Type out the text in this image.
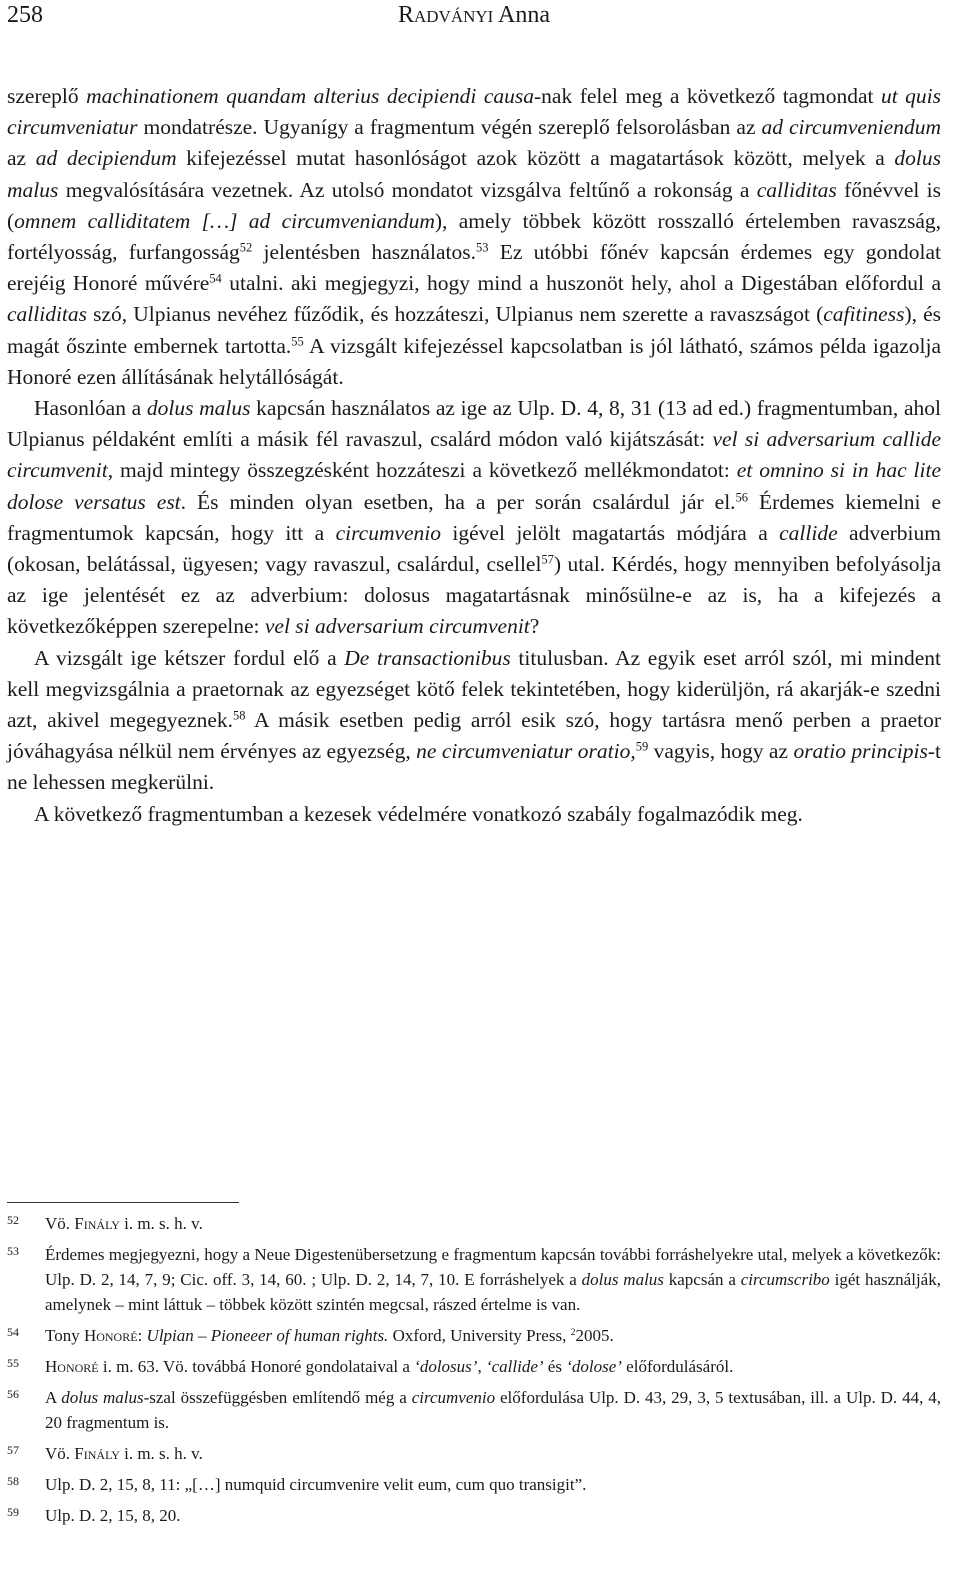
258	Radványi Anna

szereplő machinationem quandam alterius decipiendi causa-nak felel meg a következő tagmondat ut quis circumveniatur mondatrésze. Ugyanígy a fragmentum végén szereplő felsorolásban az ad circumveniendum az ad decipiendum kifejezéssel mutat hasonlóságot azok között a magatartások között, melyek a dolus malus megvalósítására vezetnek. Az utolsó mondatot vizsgálva feltűnő a rokonság a calliditas főnévvel is (omnem calliditatem […] ad circumveniandum), amely többek között rosszalló értelemben ravaszság, fortélyosság, furfangosság$^{52}$ jelentésben használatos.$^{53}$ Ez utóbbi főnév kapcsán érdemes egy gondolat erejéig Honoré művére$^{54}$ utalni. aki megjegyzi, hogy mind a huszonöt hely, ahol a Digestában előfordul a calliditas szó, Ulpianus nevéhez fűződik, és hozzáteszi, Ulpianus nem szerette a ravaszságot (cafitiness), és magát őszinte embernek tartotta.$^{55}$ A vizsgált kifejezéssel kapcsolatban is jól látható, számos példa igazolja Honoré ezen állításának helytállóságát.

Hasonlóan a dolus malus kapcsán használatos az ige az Ulp. D. 4, 8, 31 (13 ad ed.) fragmentumban, ahol Ulpianus példaként említi a másik fél ravaszul, csalárd módon való kijátszását: vel si adversarium callide circumvenit, majd mintegy összegzésként hozzáteszi a következő mellékmondatot: et omnino si in hac lite dolose versatus est. És minden olyan esetben, ha a per során csalárdul jár el.$^{56}$ Érdemes kiemelni e fragmentumok kapcsán, hogy itt a circumvenio igével jelölt magatartás módjára a callide adverbium (okosan, belátással, ügyesen; vagy ravaszul, csalárdul, csellel$^{57}$) utal. Kérdés, hogy mennyiben befolyásolja az ige jelentését ez az adverbium: dolosus magatartásnak minősülne-e az is, ha a kifejezés a következőképpen szerepelne: vel si adversarium circumvenit?

A vizsgált ige kétszer fordul elő a De transactionibus titulusban. Az egyik eset arról szól, mi mindent kell megvizsgálnia a praetornak az egyezséget kötő felek tekintetében, hogy kiderüljön, rá akarják-e szedni azt, akivel megegyeznek.$^{58}$ A másik esetben pedig arról esik szó, hogy tartásra menő perben a praetor jóváhagyása nélkül nem érvényes az egyezség, ne circumveniatur oratio,$^{59}$ vagyis, hogy az oratio principis-t ne lehessen megkerülni.

A következő fragmentumban a kezesek védelmére vonatkozó szabály fogalmazódik meg.

52	Vö. Finály i. m. s. h. v.
53	Érdemes megjegyezni, hogy a Neue Digestenübersetzung e fragmentum kapcsán további forráshelyekre utal, melyek a következők: Ulp. D. 2, 14, 7, 9; Cic. off. 3, 14, 60. ; Ulp. D. 2, 14, 7, 10. E forráshelyek a dolus malus kapcsán a circumscribo igét használják, amelynek – mint láttuk – többek között szintén megcsal, rászed értelme is van.
54	Tony Honoré: Ulpian – Pioneeer of human rights. Oxford, University Press, $^2$2005.
55	Honoré i. m. 63. Vö. továbbá Honoré gondolataival a ‘dolosus’, ‘callide’ és ‘dolose’ előfordulásáról.
56	A dolus malus-szal összefüggésben említendő még a circumvenio előfordulása Ulp. D. 43, 29, 3, 5 textusában, ill. a Ulp. D. 44, 4, 20 fragmentum is.
57	Vö. Finály i. m. s. h. v.
58	Ulp. D. 2, 15, 8, 11: „[…] numquid circumvenire velit eum, cum quo transigit”.
59	Ulp. D. 2, 15, 8, 20.
